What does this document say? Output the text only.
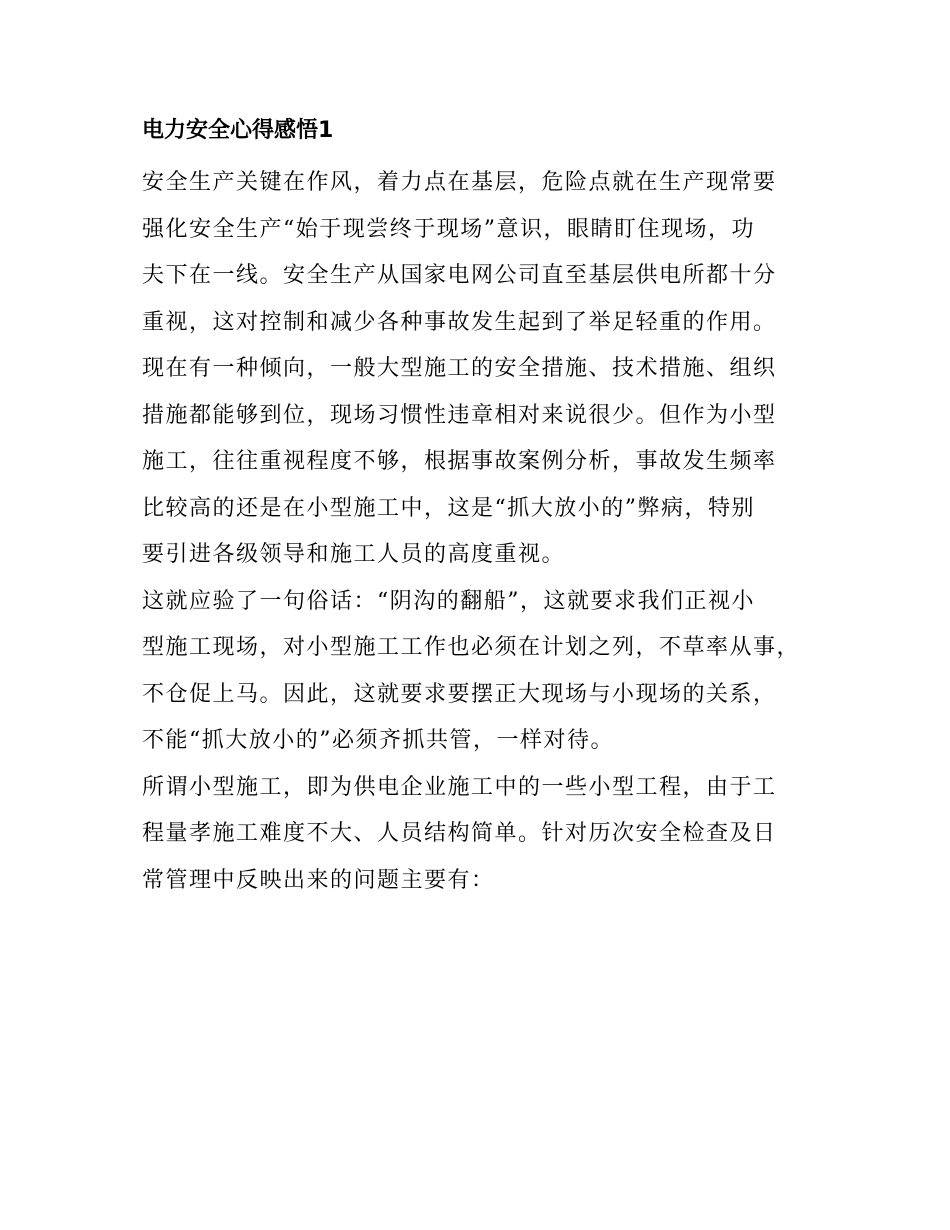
电力安全心得感悟1
安全生产关键在作风，着力点在基层，危险点就在生产现常要
强化安全生产“始于现尝终于现场”意识，眼睛盯住现场，功
夫下在一线。安全生产从国家电网公司直至基层供电所都十分
重视，这对控制和减少各种事故发生起到了举足轻重的作用。
现在有一种倾向，一般大型施工的安全措施、技术措施、组织
措施都能够到位，现场习惯性违章相对来说很少。但作为小型
施工，往往重视程度不够，根据事故案例分析，事故发生频率
比较高的还是在小型施工中，这是“抓大放小的”弊病，特别
要引进各级领导和施工人员的高度重视。
这就应验了一句俗话：“阴沟的翻船”，这就要求我们正视小
型施工现场，对小型施工工作也必须在计划之列，不草率从事，
不仓促上马。因此，这就要求要摆正大现场与小现场的关系，
不能“抓大放小的”必须齐抓共管，一样对待。
所谓小型施工，即为供电企业施工中的一些小型工程，由于工
程量孝施工难度不大、人员结构简单。针对历次安全检查及日
常管理中反映出来的问题主要有：
